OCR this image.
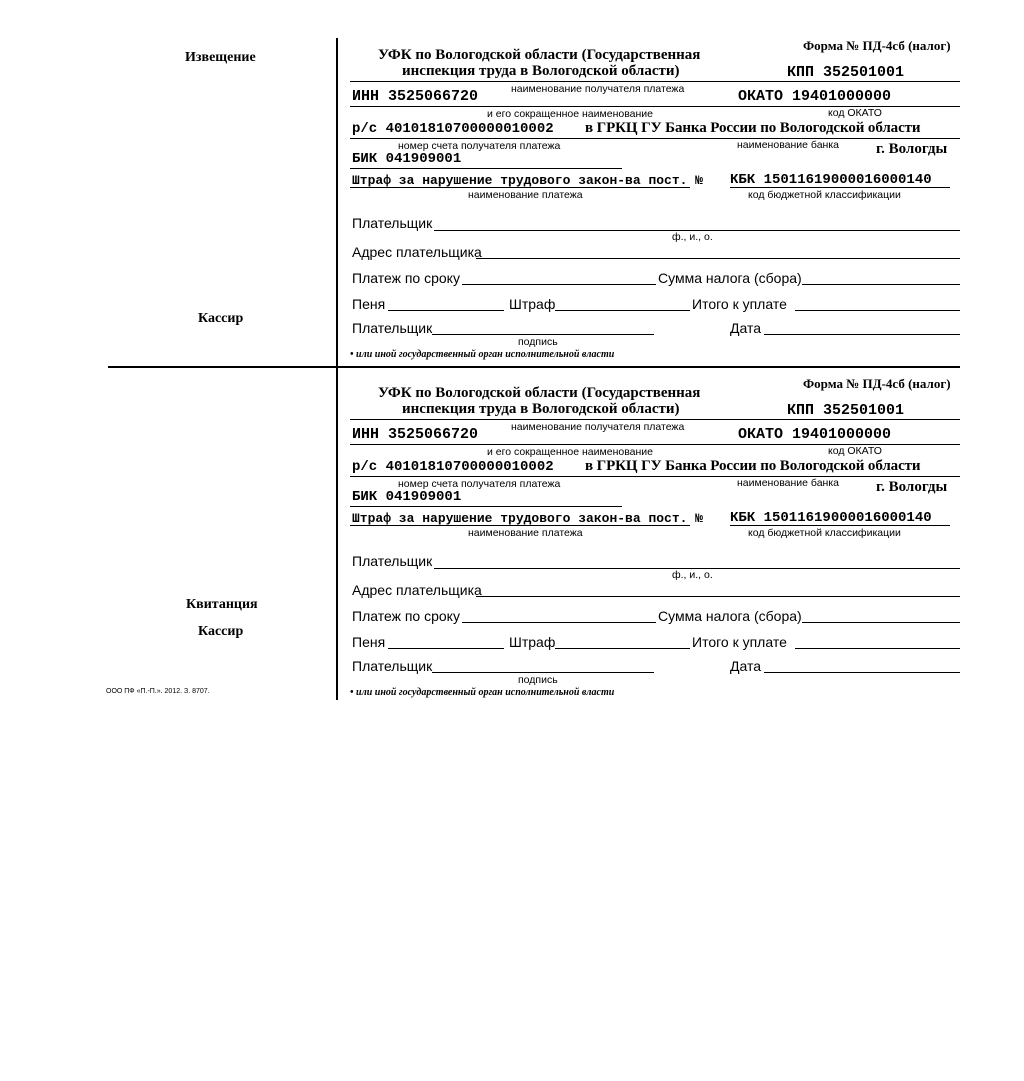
Извещение
Кассир
Квитанция
Кассир
ООО ПФ «П.-П.». 2012. З. 8707.
Форма № ПД-4сб (налог)
УФК по Вологодской области (Государственная
инспекция труда в Вологодской области)	КПП 352501001
наименование получателя платежа
ИНН 3525066720	ОКАТО 19401000000
и его сокращенное наименование	код ОКАТО
р/с 40101810700000010002 в ГРКЦ ГУ Банка России по Вологодской области
номер счета получателя платежа	наименование банка
БИК 041909001
г. Вологды
Штраф за нарушение трудового закон-ва пост. № КБК 15011619000016000140
наименование платежа	код бюджетной классификации
Плательщик
ф., и., о.
Адрес плательщика
Платеж по сроку	Сумма налога (сбора)
Пеня	Штраф	Итого к уплате
Плательщик	Дата
подпись
• или иной государственный орган исполнительной власти
Форма № ПД-4сб (налог)
УФК по Вологодской области (Государственная
инспекция труда в Вологодской области)	КПП 352501001
наименование получателя платежа
ИНН 3525066720	ОКАТО 19401000000
и его сокращенное наименование	код ОКАТО
р/с 40101810700000010002 в ГРКЦ ГУ Банка России по Вологодской области
номер счета получателя платежа	наименование банка
БИК 041909001
г. Вологды
Штраф за нарушение трудового закон-ва пост. № КБК 15011619000016000140
наименование платежа	код бюджетной классификации
Плательщик
ф., и., о.
Адрес плательщика
Платеж по сроку	Сумма налога (сбора)
Пеня	Штраф	Итого к уплате
Плательщик	Дата
подпись
• или иной государственный орган исполнительной власти
